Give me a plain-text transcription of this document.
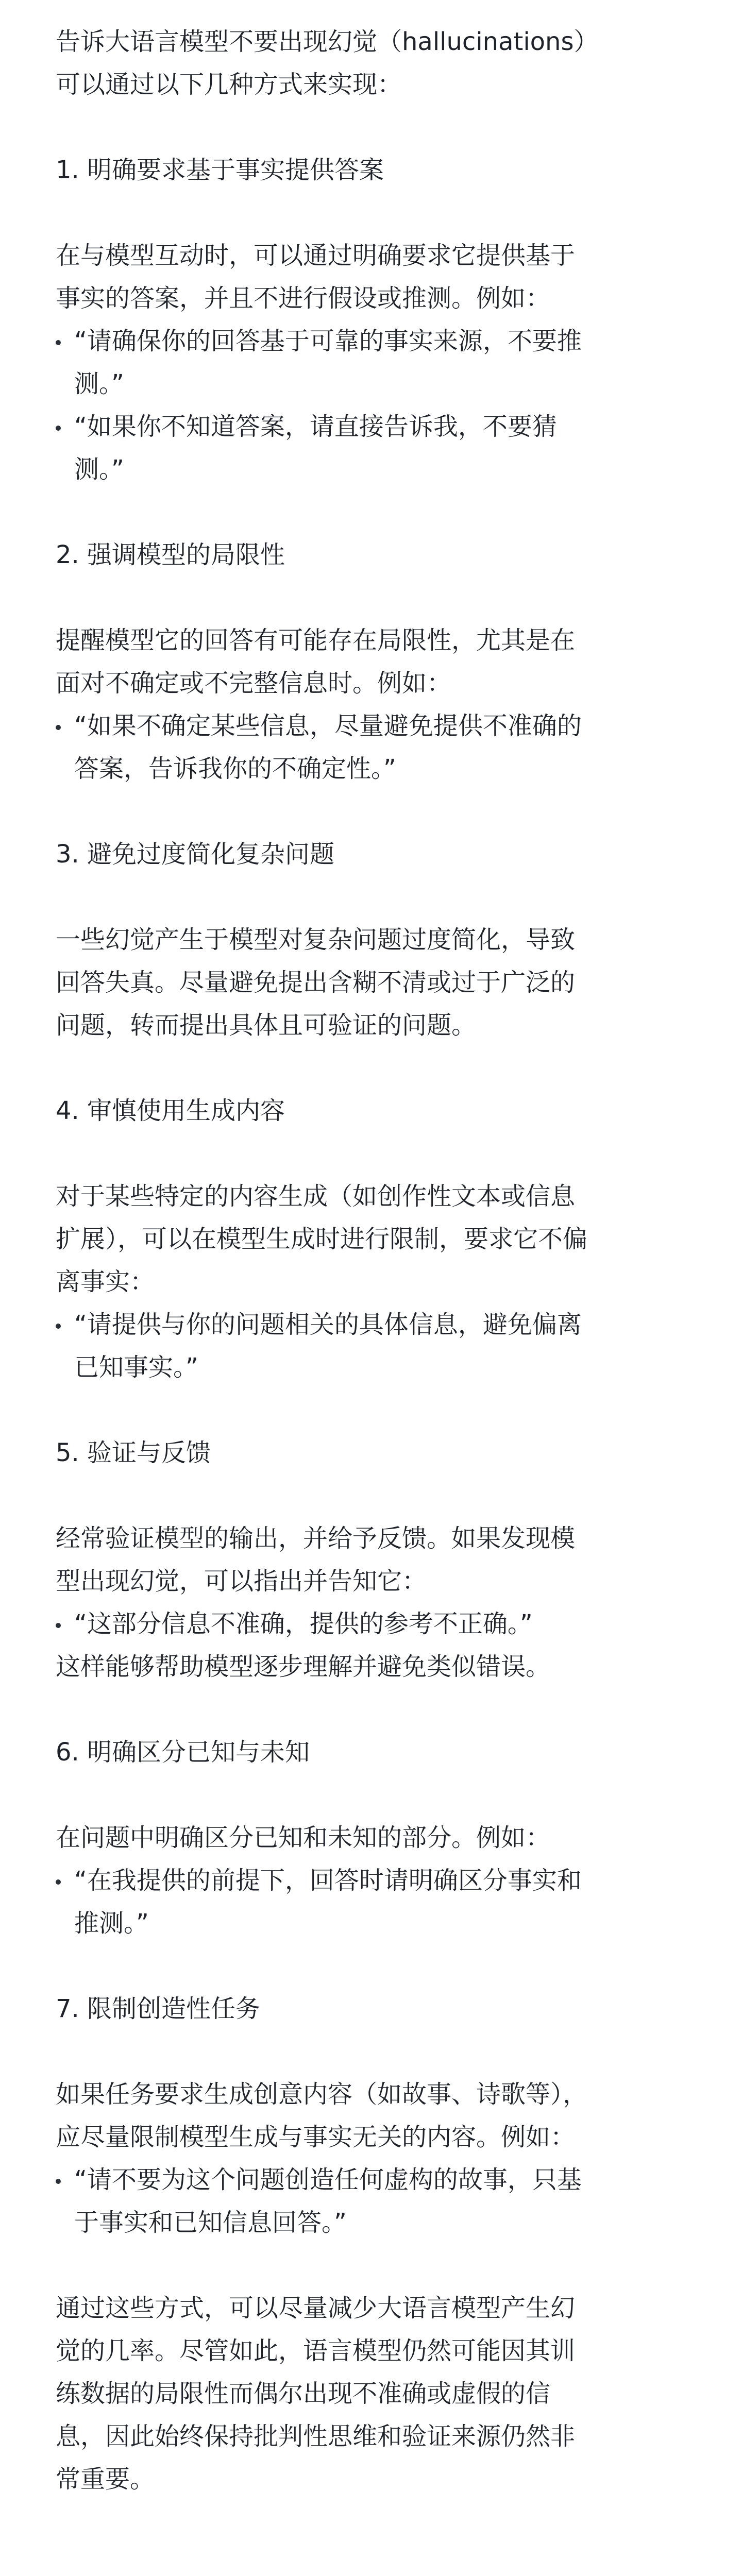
告诉大语言模型不要出现幻觉（hallucinations）
可以通过以下几种方式来实现：
1. 明确要求基于事实提供答案
在与模型互动时，可以通过明确要求它提供基于
事实的答案，并且不进行假设或推测。例如：
“请确保你的回答基于可靠的事实来源，不要推
测。”
“如果你不知道答案，请直接告诉我，不要猜
测。”
2. 强调模型的局限性
提醒模型它的回答有可能存在局限性，尤其是在
面对不确定或不完整信息时。例如：
“如果不确定某些信息，尽量避免提供不准确的
答案，告诉我你的不确定性。”
3. 避免过度简化复杂问题
一些幻觉产生于模型对复杂问题过度简化，导致
回答失真。尽量避免提出含糊不清或过于广泛的
问题，转而提出具体且可验证的问题。
4. 审慎使用生成内容
对于某些特定的内容生成（如创作性文本或信息
扩展），可以在模型生成时进行限制，要求它不偏
离事实：
“请提供与你的问题相关的具体信息，避免偏离
已知事实。”
5. 验证与反馈
经常验证模型的输出，并给予反馈。如果发现模
型出现幻觉，可以指出并告知它：
“这部分信息不准确，提供的参考不正确。”
这样能够帮助模型逐步理解并避免类似错误。
6. 明确区分已知与未知
在问题中明确区分已知和未知的部分。例如：
“在我提供的前提下，回答时请明确区分事实和
推测。”
7. 限制创造性任务
如果任务要求生成创意内容（如故事、诗歌等），
应尽量限制模型生成与事实无关的内容。例如：
“请不要为这个问题创造任何虚构的故事，只基
于事实和已知信息回答。”
通过这些方式，可以尽量减少大语言模型产生幻
觉的几率。尽管如此，语言模型仍然可能因其训
练数据的局限性而偶尔出现不准确或虚假的信
息，因此始终保持批判性思维和验证来源仍然非
常重要。
